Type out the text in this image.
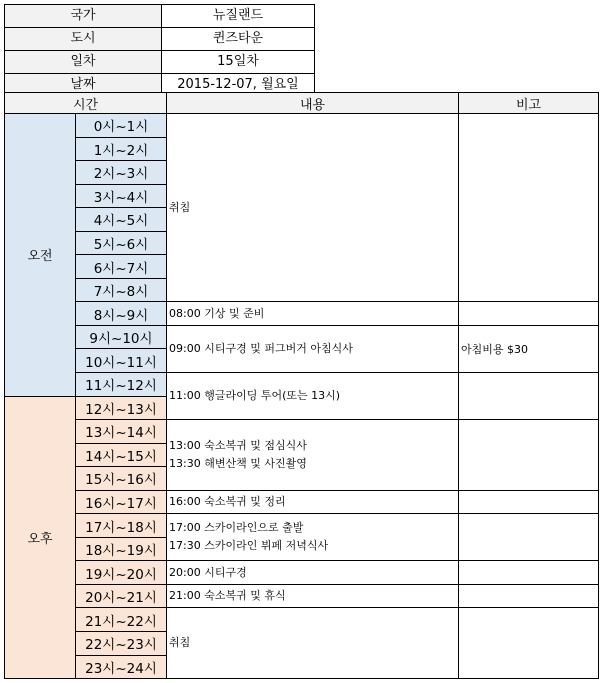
국가	뉴질랜드
도시	퀸즈타운
일차	15일차
날짜	2015-12-07, 월요일
시간		내용	비고
오전	0시~1시	취침	

	1시~2시		
	2시~3시		
	3시~4시		
	4시~5시		
	5시~6시		
	6시~7시		
	7시~8시		
	8시~9시	08:00 기상 및 준비	

	9시~10시	09:00 시티구경 및 퍼그버거 아침식사	아침비용 $30
	10시~11시		
	11시~12시	11:00 행글라이딩 투어(또는 13시)	

오후	12시~13시		
	13시~14시	13:00 숙소복귀 및 점심식사
13:30 해변산책 및 사진촬영	

	14시~15시		
	15시~16시		
	16시~17시	16:00 숙소복귀 및 정리	

	17시~18시	17:00 스카이라인으로 출발
17:30 스카이라인 뷔페 저녁식사	

	18시~19시		
	19시~20시	20:00 시티구경	

	20시~21시	21:00 숙소복귀 및 휴식	

	21시~22시	취침	

	22시~23시		
	23시~24시		
